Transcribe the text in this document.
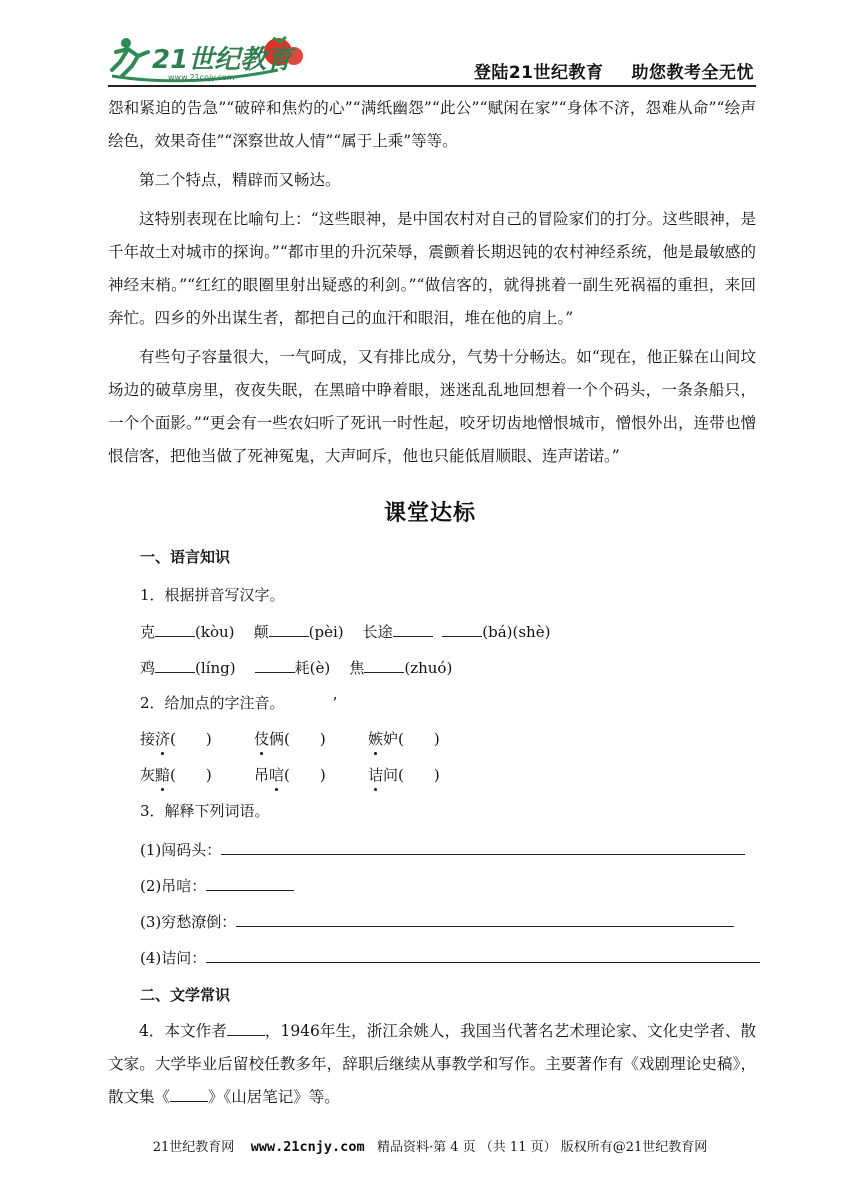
21世纪教育
www.21cnjy.com	登陆21世纪教育 助您教考全无忧

怨和紧迫的告急”“破碎和焦灼的心”“满纸幽怨”“此公”“赋闲在家”“身体不济，怨难从命”“绘声绘色，效果奇佳”“深察世故人情”“属于上乘”等等。

第二个特点，精辟而又畅达。

这特别表现在比喻句上：“这些眼神，是中国农村对自己的冒险家们的打分。这些眼神，是千年故土对城市的探询。”“都市里的升沉荣辱，震颤着长期迟钝的农村神经系统，他是最敏感的神经末梢。”“红红的眼圈里射出疑惑的利剑。”“做信客的，就得挑着一副生死祸福的重担，来回奔忙。四乡的外出谋生者，都把自己的血汗和眼泪，堆在他的肩上。”

有些句子容量很大，一气呵成，又有排比成分，气势十分畅达。如“现在，他正躲在山间坟场边的破草房里，夜夜失眠，在黑暗中睁着眼，迷迷乱乱地回想着一个个码头，一条条船只，一个个面影。”“更会有一些农妇听了死讯一时性起，咬牙切齿地憎恨城市，憎恨外出，连带也憎恨信客，把他当做了死神冤鬼，大声呵斥，他也只能低眉顺眼、连声诺诺。”

课堂达标
一、语言知识
1．根据拼音写汉字。
克	(kòu) 颠	(pèi) 长途	(bá)(shè)
鸡	(líng)	耗(è) 焦	(zhuó)
2．给加点的字注音。	’
接济(　　)	伎俩(　　)	嫉妒(　　)
灰黯(　　)	吊唁(　　)	诘问(　　)
3．解释下列词语。
(1)闯码头：
(2)吊唁：
(3)穷愁潦倒：
(4)诘问：
二、文学常识

4．本文作者 ，1946年生，浙江余姚人，我国当代著名艺术理论家、文化史学者、散文家。大学毕业后留校任教多年，辞职后继续从事教学和写作。主要著作有《戏剧理论史稿》，散文集《 》《山居笔记》等。

21世纪教育网 www.21cnjy.com 精品资料·第 4 页 （共 11 页） 版权所有@21世纪教育网
